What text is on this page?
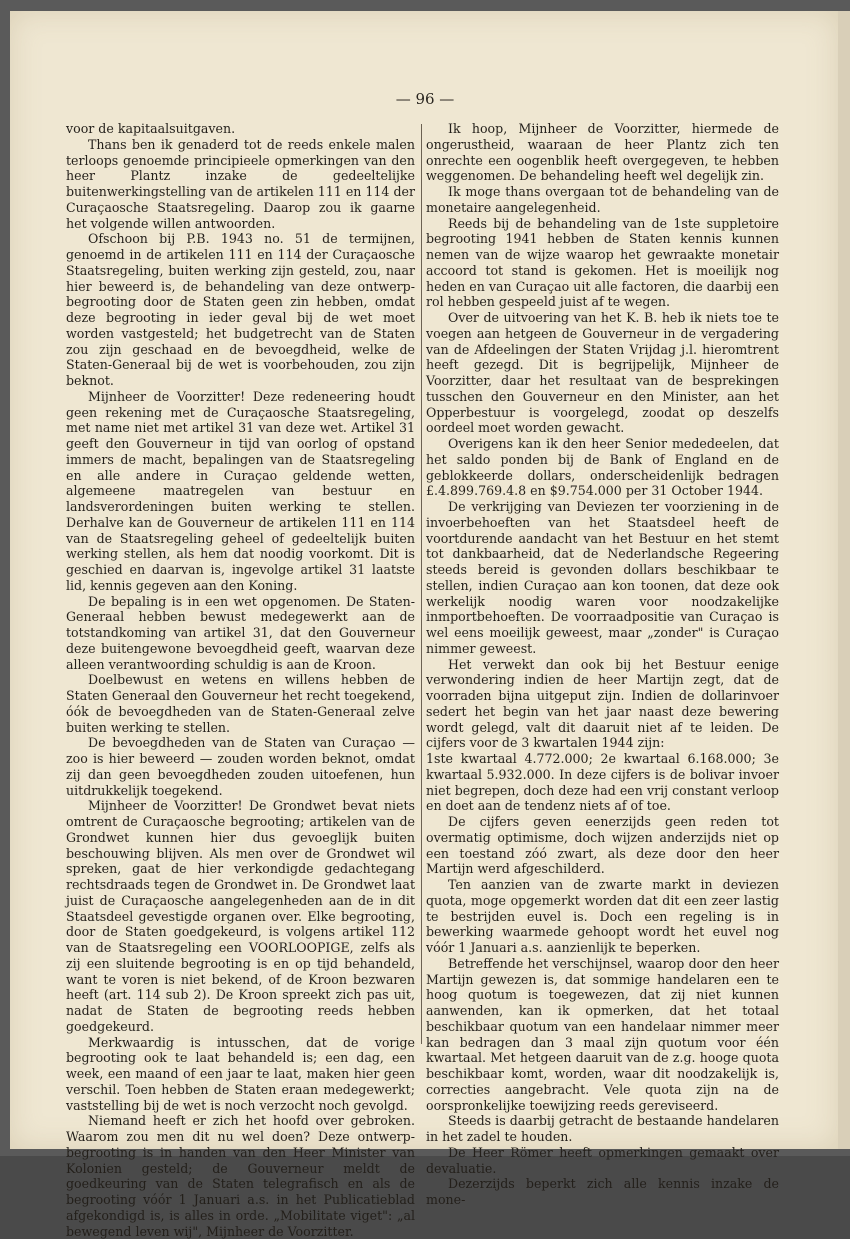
— 96 —

voor de kapitaalsuitgaven.

Thans ben ik genaderd tot de reeds enkele malen terloops genoemde principieele opmerkingen van den heer Plantz inzake de gedeeltelijke buitenwerkingstelling van de artikelen 111 en 114 der Curaçaosche Staatsregeling. Daarop zou ik gaarne het volgende willen antwoorden.

Ofschoon bij P.B. 1943 no. 51 de termijnen, genoemd in de artikelen 111 en 114 der Curaçaosche Staatsregeling, buiten werking zijn gesteld, zou, naar hier beweerd is, de behandeling van deze ontwerp-begrooting door de Staten geen zin hebben, omdat deze begrooting in ieder geval bij de wet moet worden vastgesteld; het budgetrecht van de Staten zou zijn geschaad en de bevoegdheid, welke de Staten-Generaal bij de wet is voorbehouden, zou zijn beknot.

Mijnheer de Voorzitter! Deze redeneering houdt geen rekening met de Curaçaosche Staatsregeling, met name niet met artikel 31 van deze wet. Artikel 31 geeft den Gouverneur in tijd van oorlog of opstand immers de macht, bepalingen van de Staatsregeling en alle andere in Curaçao geldende wetten, algemeene maatregelen van bestuur en landsverordeningen buiten werking te stellen. Derhalve kan de Gouverneur de artikelen 111 en 114 van de Staatsregeling geheel of gedeeltelijk buiten werking stellen, als hem dat noodig voorkomt. Dit is geschied en daarvan is, ingevolge artikel 31 laatste lid, kennis gegeven aan den Koning.

De bepaling is in een wet opgenomen. De Staten-Generaal hebben bewust medegewerkt aan de totstandkoming van artikel 31, dat den Gouverneur deze buitengewone bevoegdheid geeft, waarvan deze alleen verantwoording schuldig is aan de Kroon.

Doelbewust en wetens en willens hebben de Staten Generaal den Gouverneur het recht toegekend, óók de bevoegdheden van de Staten-Generaal zelve buiten werking te stellen.

De bevoegdheden van de Staten van Curaçao — zoo is hier beweerd — zouden worden beknot, omdat zij dan geen bevoegdheden zouden uitoefenen, hun uitdrukkelijk toegekend.

Mijnheer de Voorzitter! De Grondwet bevat niets omtrent de Curaçaosche begrooting; artikelen van de Grondwet kunnen hier dus gevoeglijk buiten beschouwing blijven. Als men over de Grondwet wil spreken, gaat de hier verkondigde gedachtegang rechtsdraads tegen de Grondwet in. De Grondwet laat juist de Curaçaosche aangelegenheden aan de in dit Staatsdeel gevestigde organen over. Elke begrooting, door de Staten goedgekeurd, is volgens artikel 112 van de Staatsregeling een VOORLOOPIGE, zelfs als zij een sluitende begrooting is en op tijd behandeld, want te voren is niet bekend, of de Kroon bezwaren heeft (art. 114 sub 2). De Kroon spreekt zich pas uit, nadat de Staten de begrooting reeds hebben goedgekeurd.

Merkwaardig is intusschen, dat de vorige begrooting ook te laat behandeld is; een dag, een week, een maand of een jaar te laat, maken hier geen verschil. Toen hebben de Staten eraan medegewerkt; vaststelling bij de wet is noch verzocht noch gevolgd.

Niemand heeft er zich het hoofd over gebroken. Waarom zou men dit nu wel doen? Deze ontwerp-begrooting is in handen van den Heer Minister van Kolonien gesteld; de Gouverneur meldt de goedkeuring van de Staten telegrafisch en als de begrooting vóór 1 Januari a.s. in het Publicatieblad afgekondigd is, is alles in orde. „Mobilitate viget": „al bewegend leven wij", Mijnheer de Voorzitter.

Ik hoop, Mijnheer de Voorzitter, hiermede de ongerustheid, waaraan de heer Plantz zich ten onrechte een oogenblik heeft overgegeven, te hebben weggenomen. De behandeling heeft wel degelijk zin.

Ik moge thans overgaan tot de behandeling van de monetaire aangelegenheid.

Reeds bij de behandeling van de 1ste suppletoire begrooting 1941 hebben de Staten kennis kunnen nemen van de wijze waarop het gewraakte monetair accoord tot stand is gekomen. Het is moeilijk nog heden en van Curaçao uit alle factoren, die daarbij een rol hebben gespeeld juist af te wegen.

Over de uitvoering van het K. B. heb ik niets toe te voegen aan hetgeen de Gouverneur in de vergadering van de Afdeelingen der Staten Vrijdag j.l. hieromtrent heeft gezegd. Dit is begrijpelijk, Mijnheer de Voorzitter, daar het resultaat van de besprekingen tusschen den Gouverneur en den Minister, aan het Opperbestuur is voorgelegd, zoodat op deszelfs oordeel moet worden gewacht.

Overigens kan ik den heer Senior mededeelen, dat het saldo ponden bij de Bank of England en de geblokkeerde dollars, onderscheidenlijk bedragen £.4.899.769.4.8 en $9.754.000 per 31 October 1944.

De verkrijging van Deviezen ter voorziening in de invoerbehoeften van het Staatsdeel heeft de voortdurende aandacht van het Bestuur en het stemt tot dankbaarheid, dat de Nederlandsche Regeering steeds bereid is gevonden dollars beschikbaar te stellen, indien Curaçao aan kon toonen, dat deze ook werkelijk noodig waren voor noodzakelijke inmportbehoeften. De voorraadpositie van Curaçao is wel eens moeilijk geweest, maar „zonder" is Curaçao nimmer geweest.

Het verwekt dan ook bij het Bestuur eenige verwondering indien de heer Martijn zegt, dat de voorraden bijna uitgeput zijn. Indien de dollarinvoer sedert het begin van het jaar naast deze bewering wordt gelegd, valt dit daaruit niet af te leiden. De cijfers voor de 3 kwartalen 1944 zijn:

1ste kwartaal 4.772.000; 2e kwartaal 6.168.000; 3e kwartaal 5.932.000. In deze cijfers is de bolivar invoer niet begrepen, doch deze had een vrij constant verloop en doet aan de tendenz niets af of toe.

De cijfers geven eenerzijds geen reden tot overmatig optimisme, doch wijzen anderzijds niet op een toestand zóó zwart, als deze door den heer Martijn werd afgeschilderd.

Ten aanzien van de zwarte markt in deviezen quota, moge opgemerkt worden dat dit een zeer lastig te bestrijden euvel is. Doch een regeling is in bewerking waarmede gehoopt wordt het euvel nog vóór 1 Januari a.s. aanzienlijk te beperken.

Betreffende het verschijnsel, waarop door den heer Martijn gewezen is, dat sommige handelaren een te hoog quotum is toegewezen, dat zij niet kunnen aanwenden, kan ik opmerken, dat het totaal beschikbaar quotum van een handelaar nimmer meer kan bedragen dan 3 maal zijn quotum voor één kwartaal. Met hetgeen daaruit van de z.g. hooge quota beschikbaar komt, worden, waar dit noodzakelijk is, correcties aangebracht. Vele quota zijn na de oorspronkelijke toewijzing reeds gereviseerd.

Steeds is daarbij getracht de bestaande handelaren in het zadel te houden.

De Heer Römer heeft opmerkingen gemaakt over devaluatie.

Dezerzijds beperkt zich alle kennis inzake de mone-
